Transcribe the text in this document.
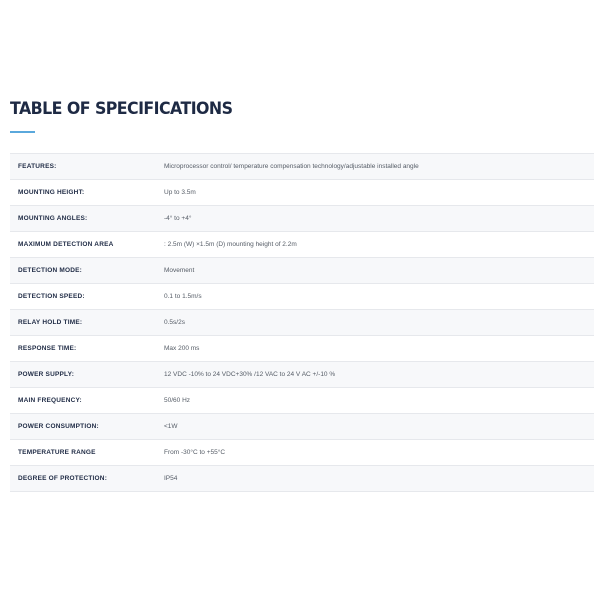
TABLE OF SPECIFICATIONS
FEATURES:	Microprocessor control/ temperature compensation technology/adjustable installed angle
MOUNTING HEIGHT:	Up to 3.5m
MOUNTING ANGLES:	-4° to +4°
MAXIMUM DETECTION AREA	: 2.5m (W) ×1.5m (D) mounting height of 2.2m
DETECTION MODE:	Movement
DETECTION SPEED:	0.1 to 1.5m/s
RELAY HOLD TIME:	0.5s/2s
RESPONSE TIME:	Max 200 ms
POWER SUPPLY:	12 VDC -10% to 24 VDC+30% /12 VAC to 24 V AC +/-10 %
MAIN FREQUENCY:	50/60 Hz
POWER CONSUMPTION:	<1W
TEMPERATURE RANGE	From -30°C to +55°C
DEGREE OF PROTECTION:	IP54
